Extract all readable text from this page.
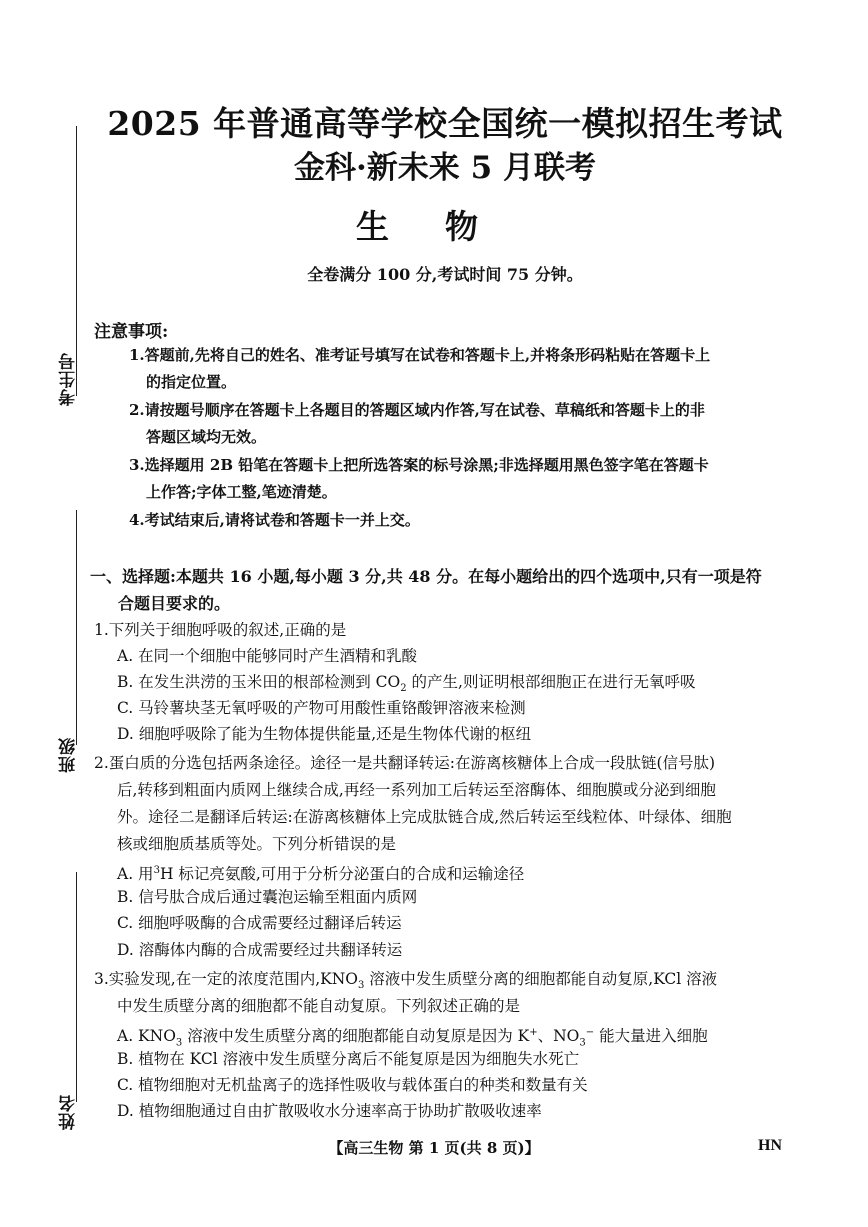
考生号
班级
姓名
2025 年普通高等学校全国统一模拟招生考试
金科·新未来 5 月联考
生物
全卷满分 100 分,考试时间 75 分钟。
注意事项:
1.答题前,先将自己的姓名、准考证号填写在试卷和答题卡上,并将条形码粘贴在答题卡上
的指定位置。
2.请按题号顺序在答题卡上各题目的答题区域内作答,写在试卷、草稿纸和答题卡上的非
答题区域均无效。
3.选择题用 2B 铅笔在答题卡上把所选答案的标号涂黑;非选择题用黑色签字笔在答题卡
上作答;字体工整,笔迹清楚。
4.考试结束后,请将试卷和答题卡一并上交。
一、选择题:本题共 16 小题,每小题 3 分,共 48 分。在每小题给出的四个选项中,只有一项是符
合题目要求的。
1.下列关于细胞呼吸的叙述,正确的是
A. 在同一个细胞中能够同时产生酒精和乳酸
B. 在发生洪涝的玉米田的根部检测到 $CO_2$ 的产生,则证明根部细胞正在进行无氧呼吸
C. 马铃薯块茎无氧呼吸的产物可用酸性重铬酸钾溶液来检测
D. 细胞呼吸除了能为生物体提供能量,还是生物体代谢的枢纽
2.蛋白质的分选包括两条途径。途径一是共翻译转运:在游离核糖体上合成一段肽链(信号肽)
后,转移到粗面内质网上继续合成,再经一系列加工后转运至溶酶体、细胞膜或分泌到细胞
外。途径二是翻译后转运:在游离核糖体上完成肽链合成,然后转运至线粒体、叶绿体、细胞
核或细胞质基质等处。下列分析错误的是
A. 用$^3$H 标记亮氨酸,可用于分析分泌蛋白的合成和运输途径
B. 信号肽合成后通过囊泡运输至粗面内质网
C. 细胞呼吸酶的合成需要经过翻译后转运
D. 溶酶体内酶的合成需要经过共翻译转运
3.实验发现,在一定的浓度范围内$,KNO_3$ 溶液中发生质壁分离的细胞都能自动复原,KCl 溶液
中发生质壁分离的细胞都不能自动复原。下列叙述正确的是
A. $KNO_3$ 溶液中发生质壁分离的细胞都能自动复原是因为 K+、$NO_3^-$ 能大量进入细胞
B. 植物在 KCl 溶液中发生质壁分离后不能复原是因为细胞失水死亡
C. 植物细胞对无机盐离子的选择性吸收与载体蛋白的种类和数量有关
D. 植物细胞通过自由扩散吸收水分速率高于协助扩散吸收速率
【高三生物 第 1 页(共 8 页)】	HN
